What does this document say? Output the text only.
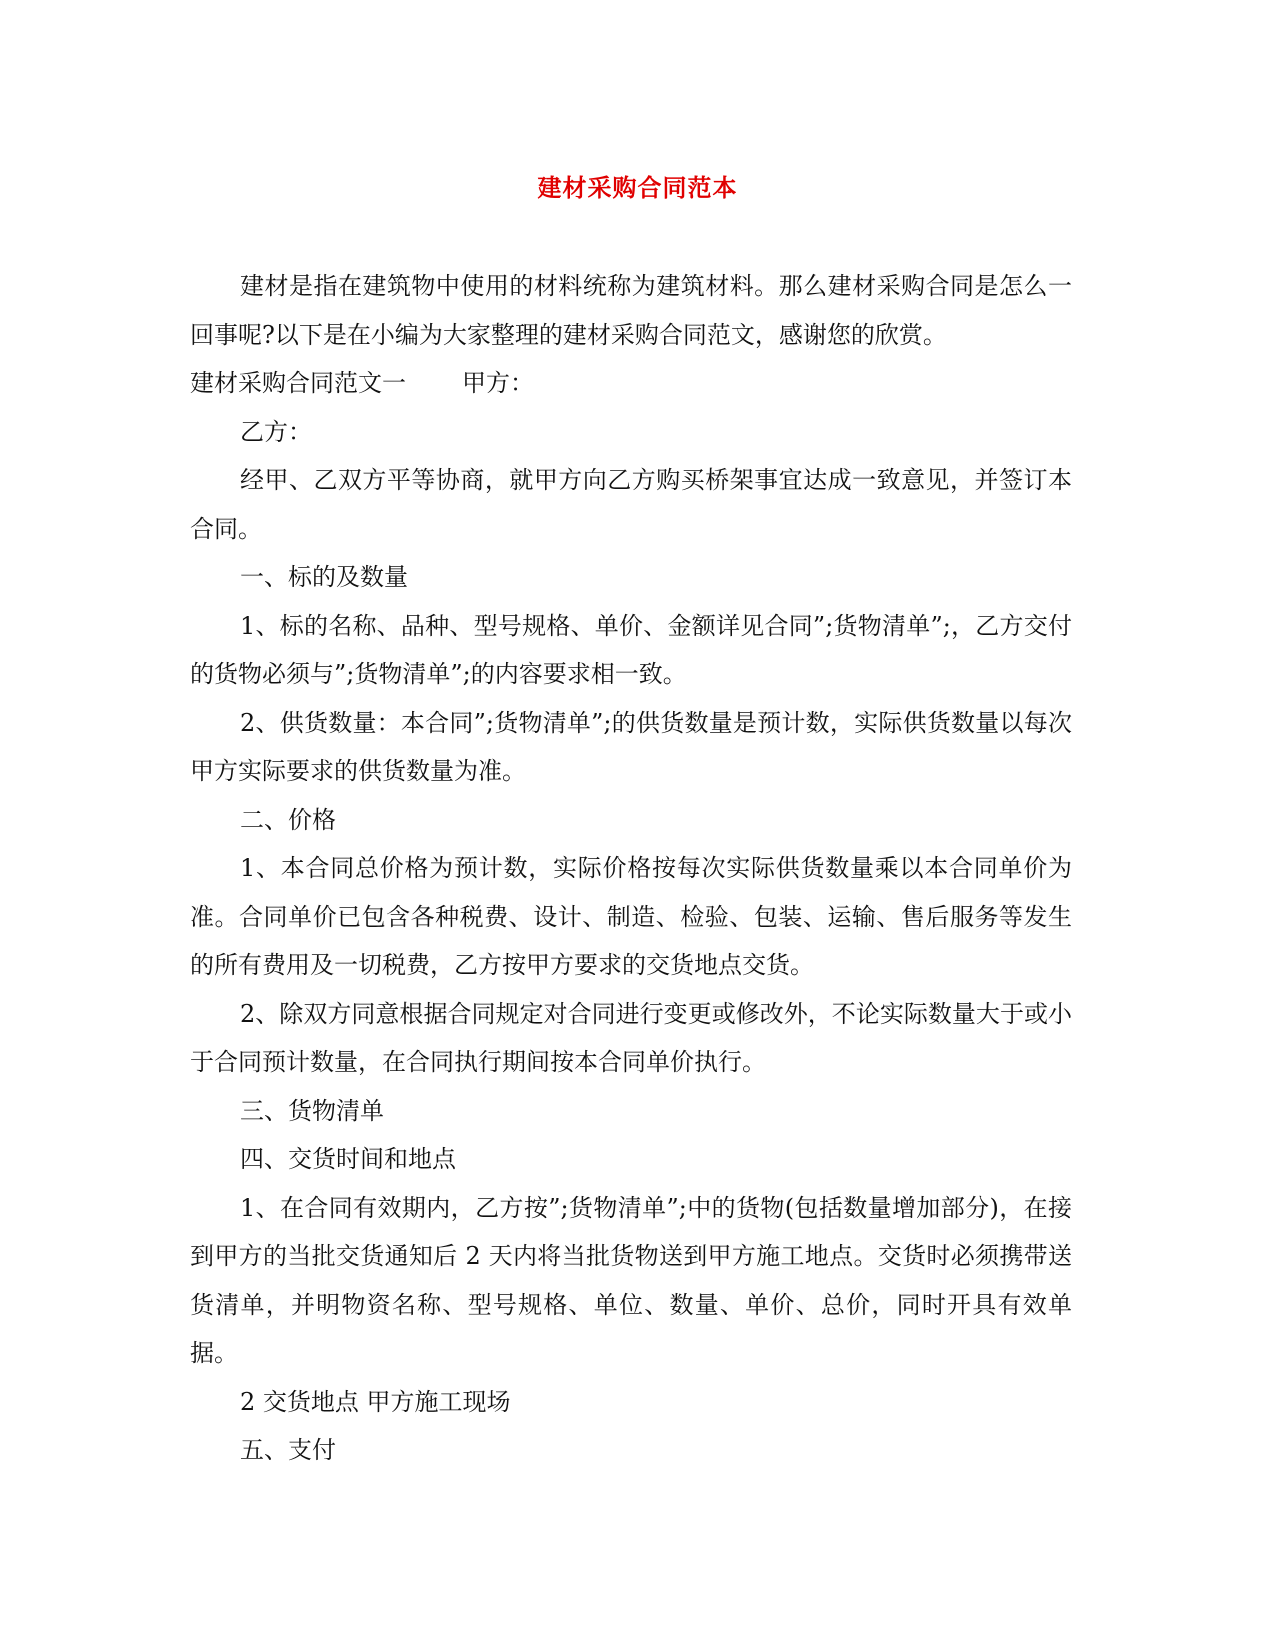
建材采购合同范本

建材是指在建筑物中使用的材料统称为建筑材料。那么建材采购合同是怎么一回事呢?以下是在小编为大家整理的建材采购合同范文，感谢您的欣赏。

建材采购合同范文一 甲方：

乙方：

经甲、乙双方平等协商，就甲方向乙方购买桥架事宜达成一致意见，并签订本合同。

一、标的及数量

1、标的名称、品种、型号规格、单价、金额详见合同”;货物清单”;，乙方交付的货物必须与”;货物清单”;的内容要求相一致。

2、供货数量：本合同”;货物清单”;的供货数量是预计数，实际供货数量以每次甲方实际要求的供货数量为准。

二、价格

1、本合同总价格为预计数，实际价格按每次实际供货数量乘以本合同单价为准。合同单价已包含各种税费、设计、制造、检验、包装、运输、售后服务等发生的所有费用及一切税费，乙方按甲方要求的交货地点交货。

2、除双方同意根据合同规定对合同进行变更或修改外，不论实际数量大于或小于合同预计数量，在合同执行期间按本合同单价执行。

三、货物清单

四、交货时间和地点

1、在合同有效期内，乙方按”;货物清单”;中的货物(包括数量增加部分)，在接到甲方的当批交货通知后 2 天内将当批货物送到甲方施工地点。交货时必须携带送货清单，并明物资名称、型号规格、单位、数量、单价、总价，同时开具有效单据。

2 交货地点 甲方施工现场

五、支付
